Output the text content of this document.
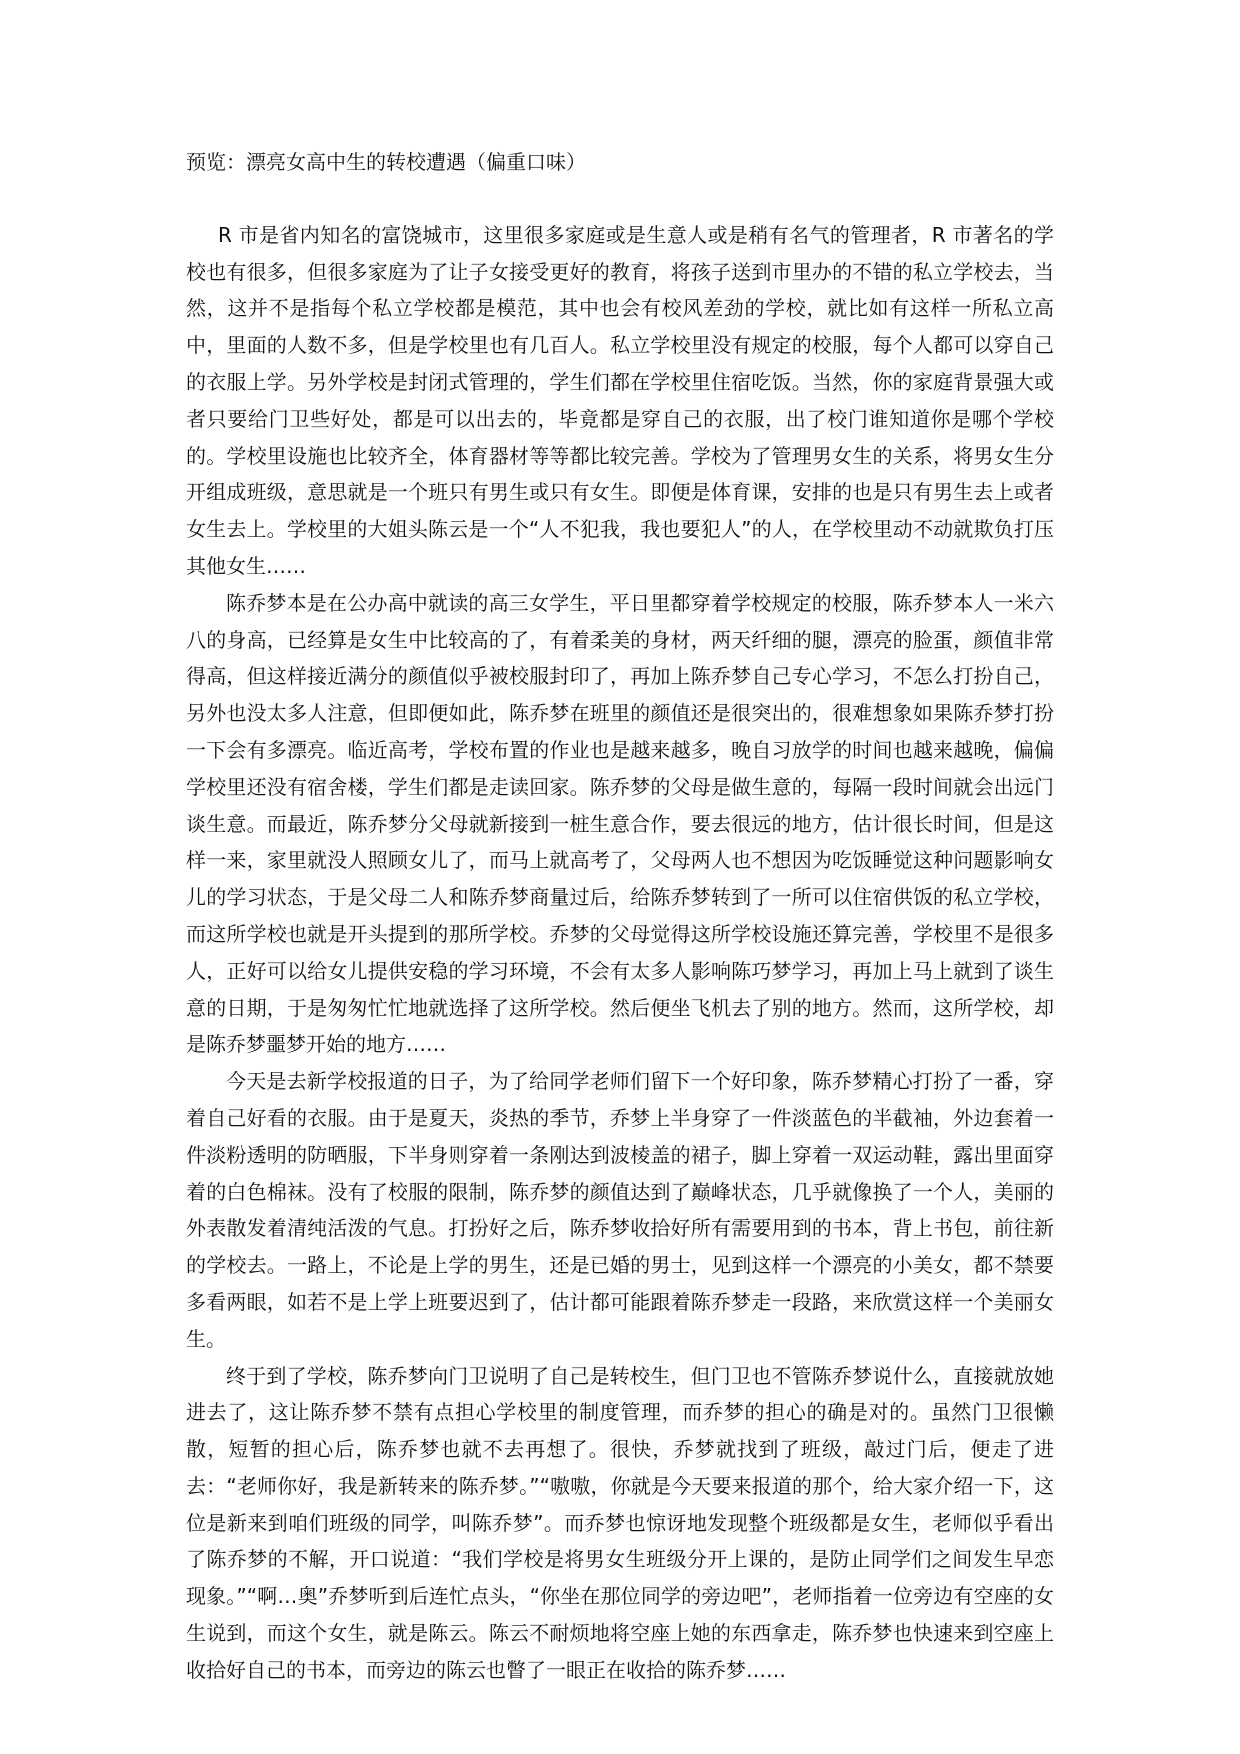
预览：漂亮女高中生的转校遭遇（偏重口味）

R 市是省内知名的富饶城市，这里很多家庭或是生意人或是稍有名气的管理者，R 市著名的学校也有很多，但很多家庭为了让子女接受更好的教育，将孩子送到市里办的不错的私立学校去，当然，这并不是指每个私立学校都是模范，其中也会有校风差劲的学校，就比如有这样一所私立高中，里面的人数不多，但是学校里也有几百人。私立学校里没有规定的校服，每个人都可以穿自己的衣服上学。另外学校是封闭式管理的，学生们都在学校里住宿吃饭。当然，你的家庭背景强大或者只要给门卫些好处，都是可以出去的，毕竟都是穿自己的衣服，出了校门谁知道你是哪个学校的。学校里设施也比较齐全，体育器材等等都比较完善。学校为了管理男女生的关系，将男女生分开组成班级，意思就是一个班只有男生或只有女生。即便是体育课，安排的也是只有男生去上或者女生去上。学校里的大姐头陈云是一个“人不犯我，我也要犯人”的人，在学校里动不动就欺负打压其他女生……

陈乔梦本是在公办高中就读的高三女学生，平日里都穿着学校规定的校服，陈乔梦本人一米六八的身高，已经算是女生中比较高的了，有着柔美的身材，两天纤细的腿，漂亮的脸蛋，颜值非常得高，但这样接近满分的颜值似乎被校服封印了，再加上陈乔梦自己专心学习，不怎么打扮自己，另外也没太多人注意，但即便如此，陈乔梦在班里的颜值还是很突出的，很难想象如果陈乔梦打扮一下会有多漂亮。临近高考，学校布置的作业也是越来越多，晚自习放学的时间也越来越晚，偏偏学校里还没有宿舍楼，学生们都是走读回家。陈乔梦的父母是做生意的，每隔一段时间就会出远门谈生意。而最近，陈乔梦分父母就新接到一桩生意合作，要去很远的地方，估计很长时间，但是这样一来，家里就没人照顾女儿了，而马上就高考了，父母两人也不想因为吃饭睡觉这种问题影响女儿的学习状态，于是父母二人和陈乔梦商量过后，给陈乔梦转到了一所可以住宿供饭的私立学校，而这所学校也就是开头提到的那所学校。乔梦的父母觉得这所学校设施还算完善，学校里不是很多人，正好可以给女儿提供安稳的学习环境，不会有太多人影响陈巧梦学习，再加上马上就到了谈生意的日期，于是匆匆忙忙地就选择了这所学校。然后便坐飞机去了别的地方。然而，这所学校，却是陈乔梦噩梦开始的地方……

今天是去新学校报道的日子，为了给同学老师们留下一个好印象，陈乔梦精心打扮了一番，穿着自己好看的衣服。由于是夏天，炎热的季节，乔梦上半身穿了一件淡蓝色的半截袖，外边套着一件淡粉透明的防晒服，下半身则穿着一条刚达到波棱盖的裙子，脚上穿着一双运动鞋，露出里面穿着的白色棉袜。没有了校服的限制，陈乔梦的颜值达到了巅峰状态，几乎就像换了一个人，美丽的外表散发着清纯活泼的气息。打扮好之后，陈乔梦收拾好所有需要用到的书本，背上书包，前往新的学校去。一路上，不论是上学的男生，还是已婚的男士，见到这样一个漂亮的小美女，都不禁要多看两眼，如若不是上学上班要迟到了，估计都可能跟着陈乔梦走一段路，来欣赏这样一个美丽女生。

终于到了学校，陈乔梦向门卫说明了自己是转校生，但门卫也不管陈乔梦说什么，直接就放她进去了，这让陈乔梦不禁有点担心学校里的制度管理，而乔梦的担心的确是对的。虽然门卫很懒散，短暂的担心后，陈乔梦也就不去再想了。很快，乔梦就找到了班级，敲过门后，便走了进去：“老师你好，我是新转来的陈乔梦。”“嗷嗷，你就是今天要来报道的那个，给大家介绍一下，这位是新来到咱们班级的同学，叫陈乔梦”。而乔梦也惊讶地发现整个班级都是女生，老师似乎看出了陈乔梦的不解，开口说道：“我们学校是将男女生班级分开上课的，是防止同学们之间发生早恋现象。”“啊…奥”乔梦听到后连忙点头，“你坐在那位同学的旁边吧”，老师指着一位旁边有空座的女生说到，而这个女生，就是陈云。陈云不耐烦地将空座上她的东西拿走，陈乔梦也快速来到空座上收拾好自己的书本，而旁边的陈云也瞥了一眼正在收拾的陈乔梦……
